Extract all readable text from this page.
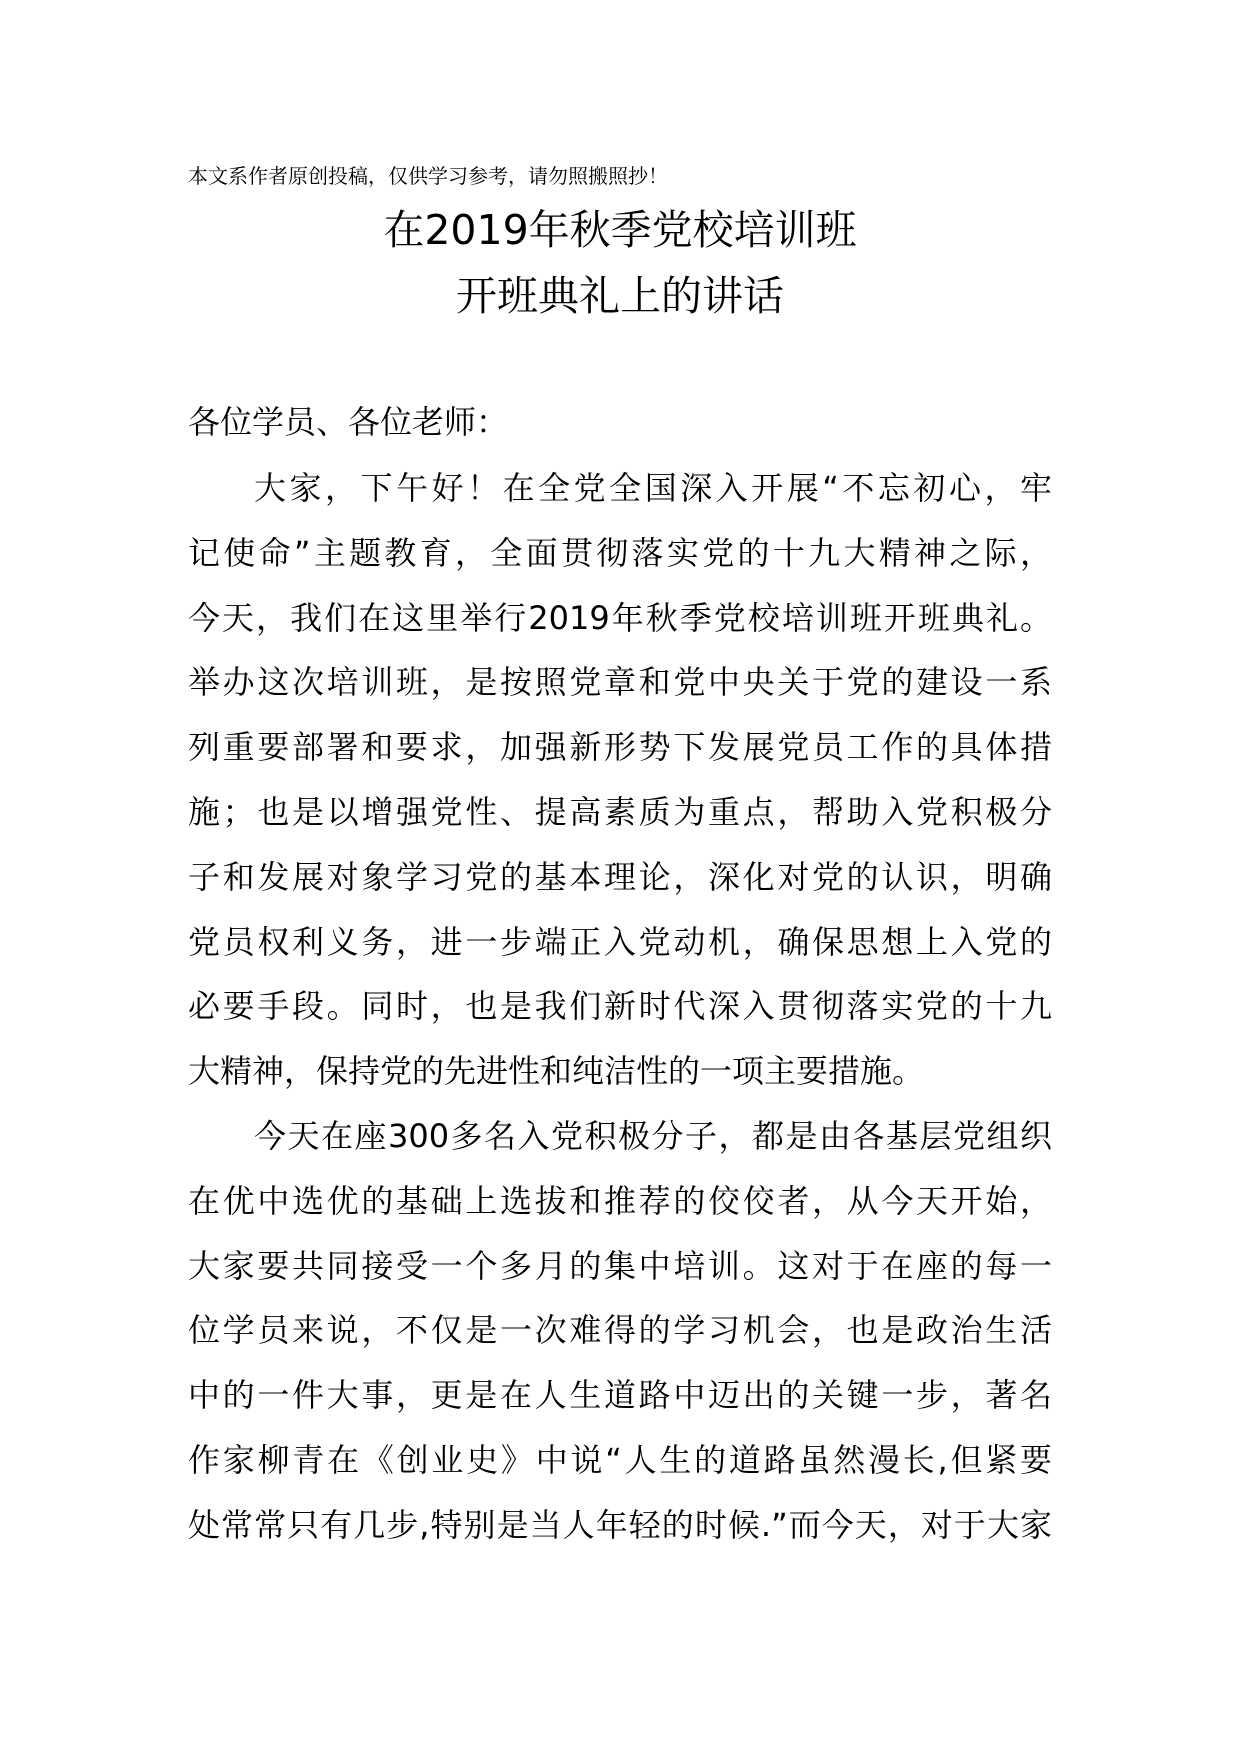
本文系作者原创投稿，仅供学习参考，请勿照搬照抄！
在2019年秋季党校培训班
开班典礼上的讲话
各位学员、各位老师：
大家，下午好！在全党全国深入开展“不忘初心，牢
记使命”主题教育，全面贯彻落实党的十九大精神之际，
今天，我们在这里举行2019年秋季党校培训班开班典礼。
举办这次培训班，是按照党章和党中央关于党的建设一系
列重要部署和要求，加强新形势下发展党员工作的具体措
施；也是以增强党性、提高素质为重点，帮助入党积极分
子和发展对象学习党的基本理论，深化对党的认识，明确
党员权利义务，进一步端正入党动机，确保思想上入党的
必要手段。同时，也是我们新时代深入贯彻落实党的十九
大精神，保持党的先进性和纯洁性的一项主要措施。
今天在座300多名入党积极分子，都是由各基层党组织
在优中选优的基础上选拔和推荐的佼佼者，从今天开始，
大家要共同接受一个多月的集中培训。这对于在座的每一
位学员来说，不仅是一次难得的学习机会，也是政治生活
中的一件大事，更是在人生道路中迈出的关键一步，著名
作家柳青在《创业史》中说“人生的道路虽然漫长,但紧要
处常常只有几步,特别是当人年轻的时候.”而今天，对于大家
